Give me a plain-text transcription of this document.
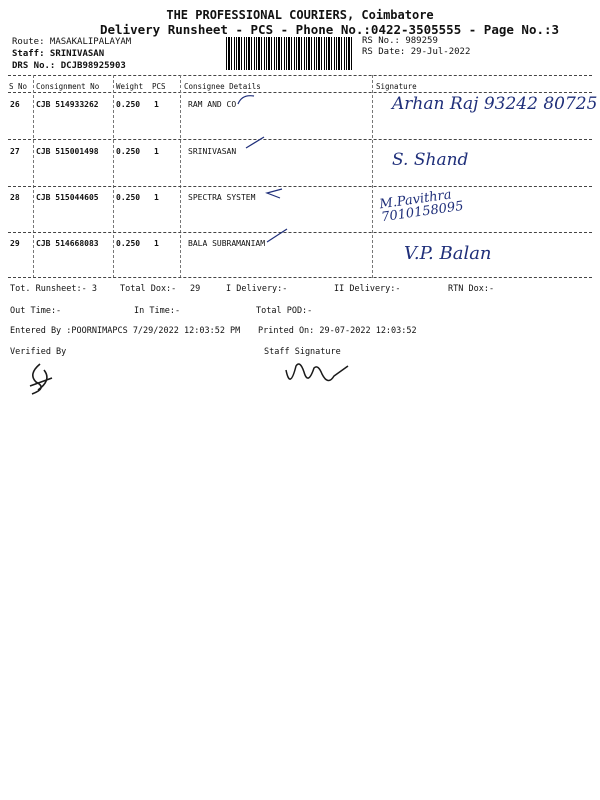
THE PROFESSIONAL COURIERS, Coimbatore
Delivery Runsheet - PCS - Phone No.:0422-3505555 - Page No.:3
Route: MASAKALIPALAYAM
Staff: SRINIVASAN
DRS No.: DCJB98925903
RS No.: 989259
RS Date: 29-Jul-2022
S No Consignment No Weight PCS Consignee Details	Signature
26 CJB 514933262 0.250 1	RAM AND CO	Arhan Raj 93242 80725
27 CJB 515001498 0.250 1	SRINIVASAN	S. Shand
28 CJB 515044605 0.250 1	SPECTRA SYSTEM	M.Pavithra 7010158095
29 CJB 514668083 0.250 1	BALA SUBRAMANIAM	V.P. Balan
Tot. Runsheet:- 3	Total Dox:- 29	I Delivery:-	II Delivery:-	RTN Dox:-
Out Time:-	In Time:-	Total POD:-
Entered By :POORNIMAPCS 7/29/2022 12:03:52 PM Printed On: 29-07-2022 12:03:52
Verified By	Staff Signature
